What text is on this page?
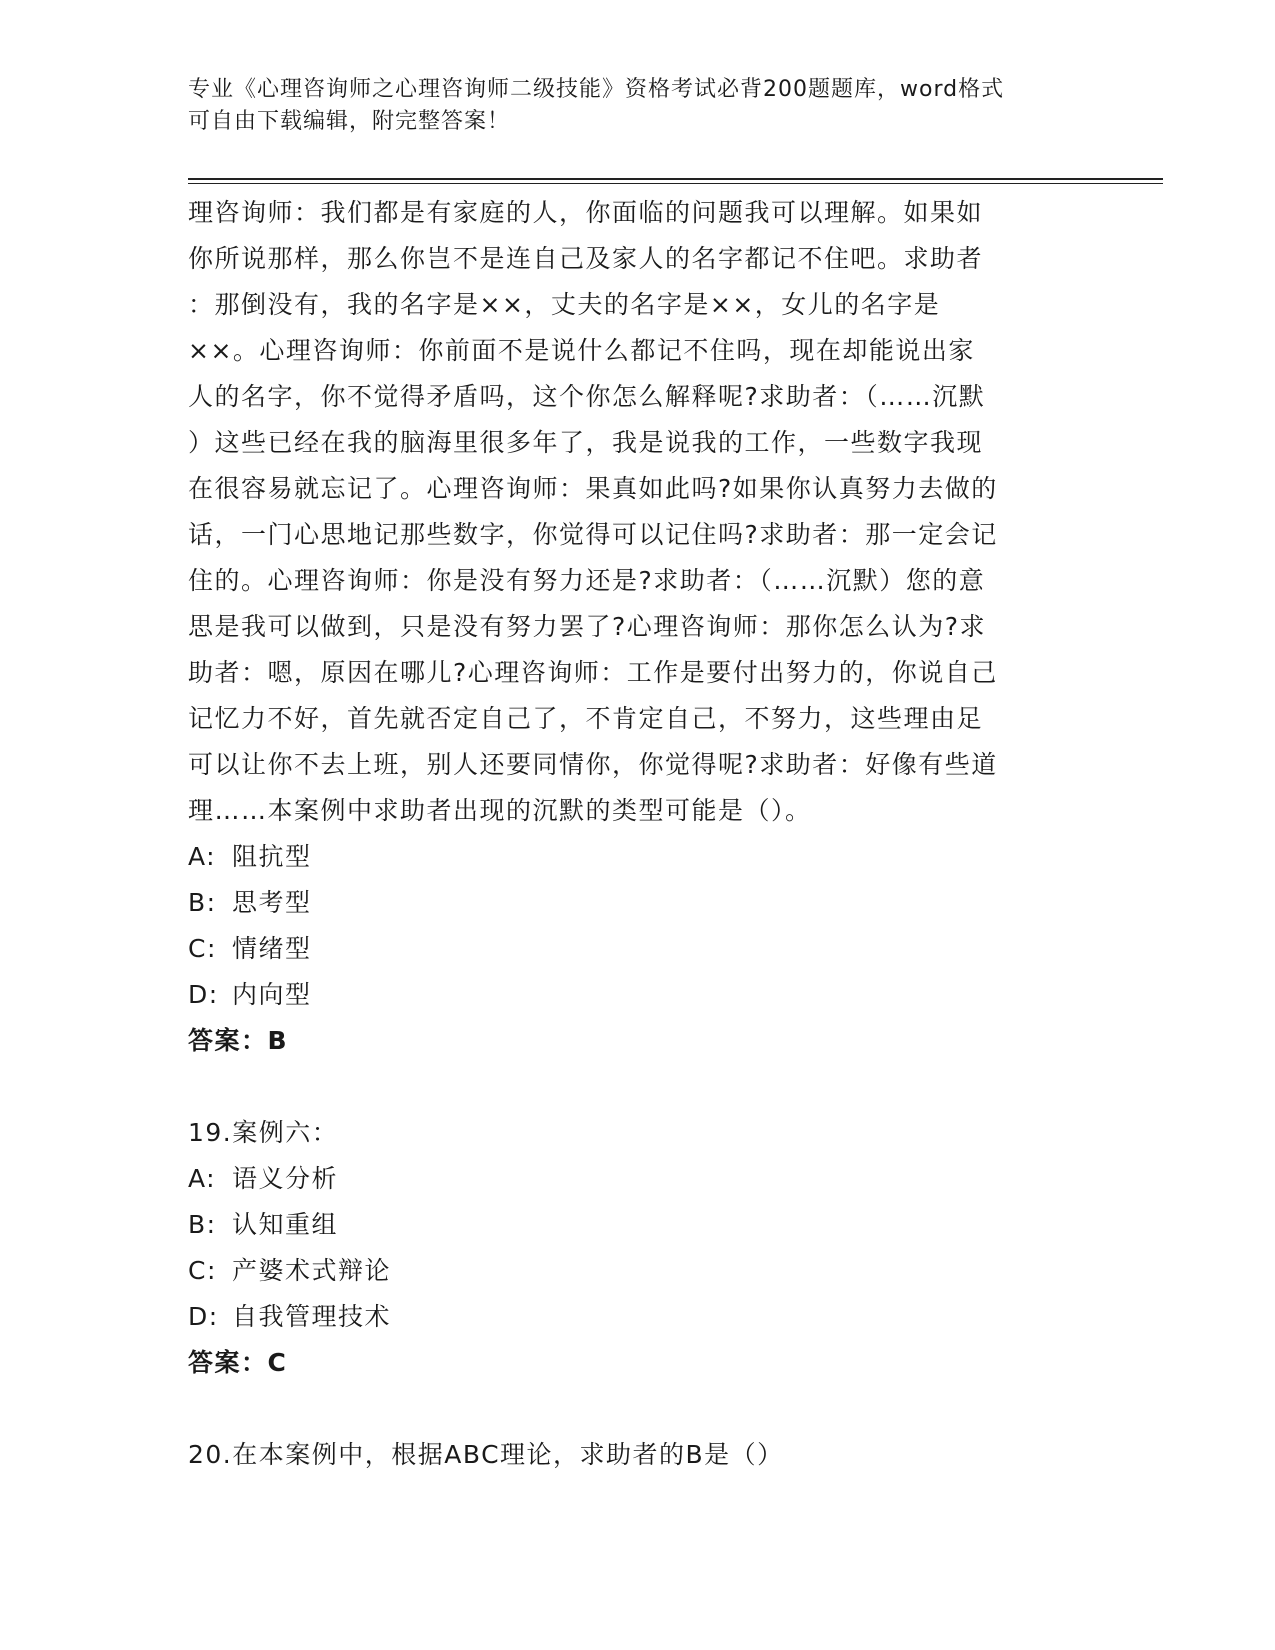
专业《心理咨询师之心理咨询师二级技能》资格考试必背200题题库，word格式
可自由下载编辑，附完整答案！

理咨询师：我们都是有家庭的人，你面临的问题我可以理解。如果如

你所说那样，那么你岂不是连自己及家人的名字都记不住吧。求助者

：那倒没有，我的名字是××，丈夫的名字是××，女儿的名字是

××。心理咨询师：你前面不是说什么都记不住吗，现在却能说出家

人的名字，你不觉得矛盾吗，这个你怎么解释呢?求助者：（……沉默

）这些已经在我的脑海里很多年了，我是说我的工作，一些数字我现

在很容易就忘记了。心理咨询师：果真如此吗?如果你认真努力去做的

话，一门心思地记那些数字，你觉得可以记住吗?求助者：那一定会记

住的。心理咨询师：你是没有努力还是?求助者：（……沉默）您的意

思是我可以做到，只是没有努力罢了?心理咨询师：那你怎么认为?求

助者：嗯，原因在哪儿?心理咨询师：工作是要付出努力的，你说自己

记忆力不好，首先就否定自己了，不肯定自己，不努力，这些理由足

可以让你不去上班，别人还要同情你，你觉得呢?求助者：好像有些道

理……本案例中求助者出现的沉默的类型可能是（）。

A: 阻抗型
B: 思考型
C: 情绪型
D: 内向型
答案：B
19.案例六：
A: 语义分析
B: 认知重组
C: 产婆术式辩论
D: 自我管理技术
答案：C
20.在本案例中，根据ABC理论，求助者的B是（）
